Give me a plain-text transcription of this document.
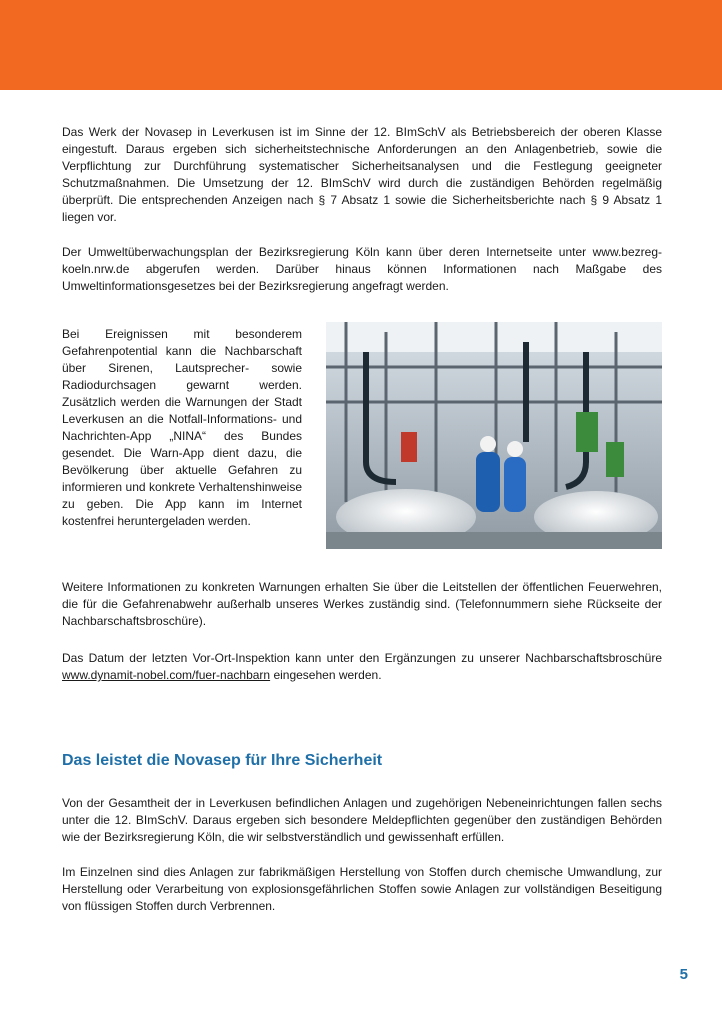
Das Werk der Novasep in Leverkusen ist im Sinne der 12. BImSchV als Betriebsbereich der oberen Klasse eingestuft. Daraus ergeben sich sicherheitstechnische Anforderungen an den Anlagenbetrieb, sowie die Verpflichtung zur Durchführung systematischer Sicherheitsanalysen und die Festlegung geeigneter Schutzmaßnahmen. Die Umsetzung der 12. BImSchV wird durch die zuständigen Behörden regelmäßig überprüft. Die entsprechenden Anzeigen nach § 7 Absatz 1 sowie die Sicherheitsberichte nach § 9 Absatz 1 liegen vor.

Der Umweltüberwachungsplan der Bezirksregierung Köln kann über deren Internetseite unter www.bezreg-koeln.nrw.de abgerufen werden. Darüber hinaus können Informationen nach Maßgabe des Umweltinformationsgesetzes bei der Bezirksregierung angefragt werden.

Bei Ereignissen mit besonderem Gefahrenpotential kann die Nachbarschaft über Sirenen, Lautsprecher- sowie Radiodurchsagen gewarnt werden. Zusätzlich werden die Warnungen der Stadt Leverkusen an die Notfall-Informations- und Nachrichten-App „NINA“ des Bundes gesendet. Die Warn-App dient dazu, die Bevölkerung über aktuelle Gefahren zu informieren und konkrete Verhaltenshinweise zu geben. Die App kann im Internet kostenfrei heruntergeladen werden.

Weitere Informationen zu konkreten Warnungen erhalten Sie über die Leitstellen der öffentlichen Feuerwehren, die für die Gefahrenabwehr außerhalb unseres Werkes zuständig sind. (Telefonnummern siehe Rückseite der Nachbarschaftsbroschüre).

Das Datum der letzten Vor-Ort-Inspektion kann unter den Ergänzungen zu unserer Nachbarschaftsbroschüre www.dynamit-nobel.com/fuer-nachbarn eingesehen werden.

Das leistet die Novasep für Ihre Sicherheit

Von der Gesamtheit der in Leverkusen befindlichen Anlagen und zugehörigen Nebeneinrichtungen fallen sechs unter die 12. BImSchV. Daraus ergeben sich besondere Meldepflichten gegenüber den zuständigen Behörden wie der Bezirksregierung Köln, die wir selbstverständlich und gewissenhaft erfüllen.

Im Einzelnen sind dies Anlagen zur fabrikmäßigen Herstellung von Stoffen durch chemische Umwandlung, zur Herstellung oder Verarbeitung von explosionsgefährlichen Stoffen sowie Anlagen zur vollständigen Beseitigung von flüssigen Stoffen durch Verbrennen.

5
